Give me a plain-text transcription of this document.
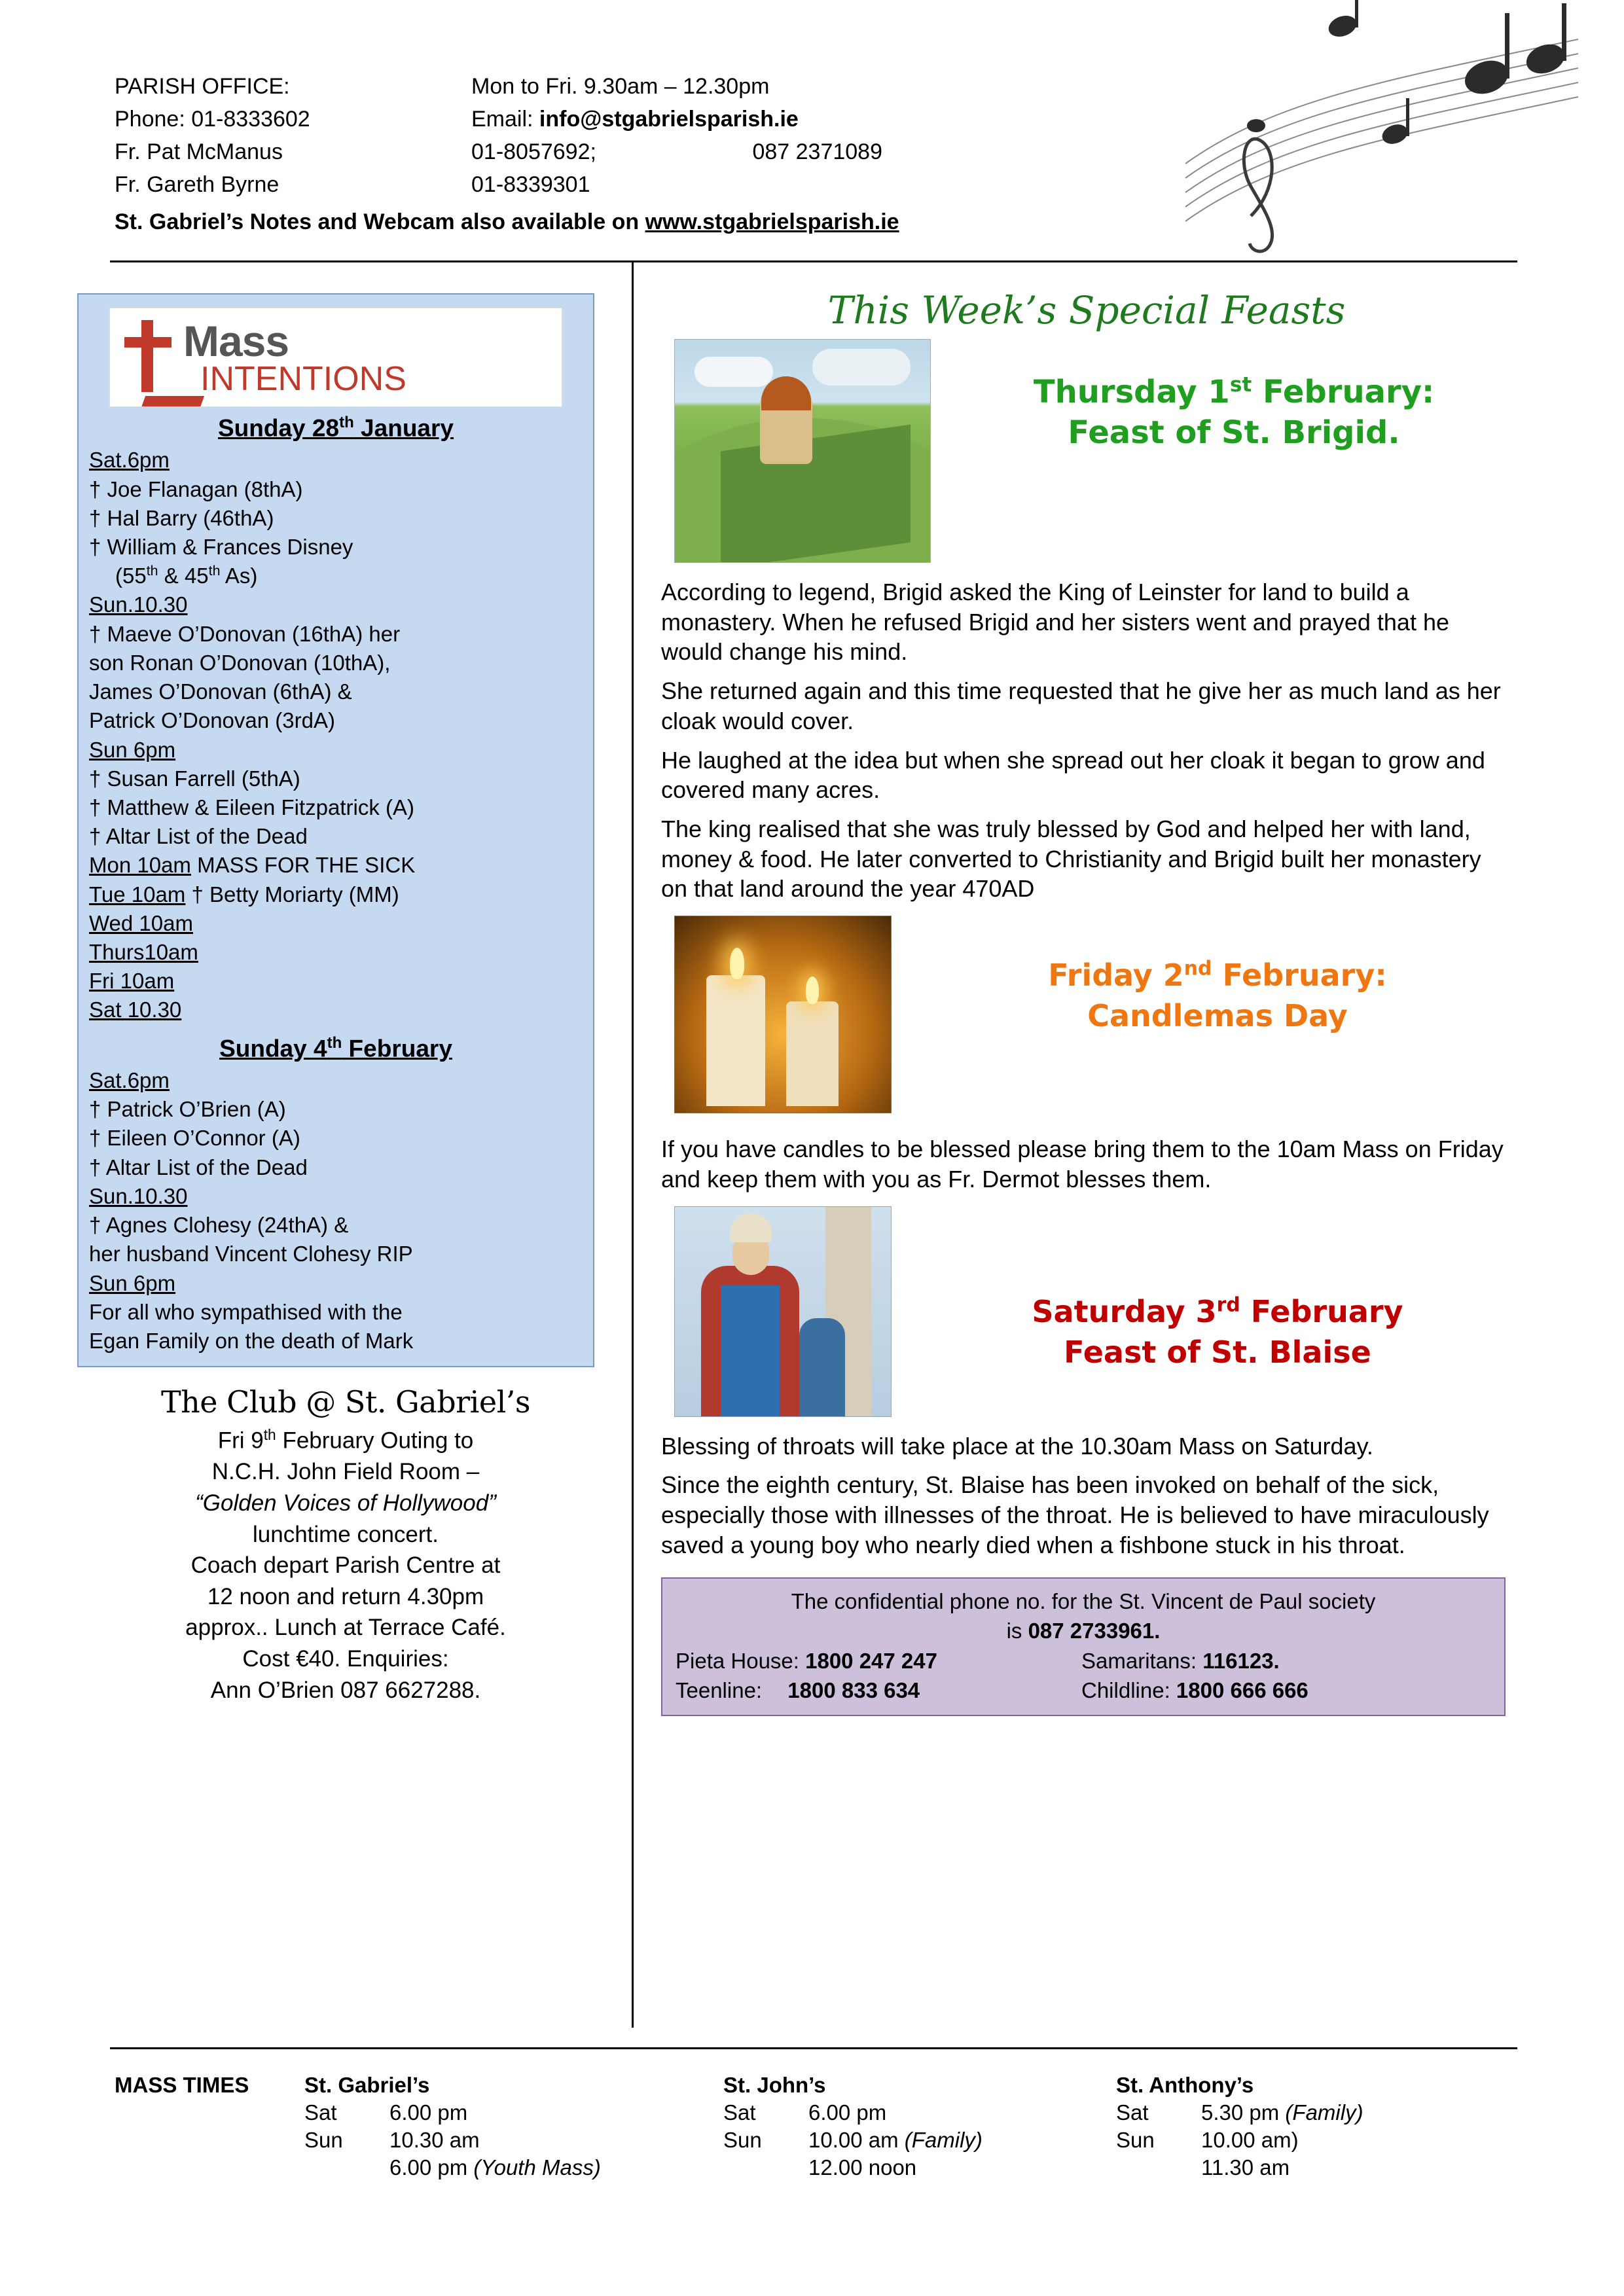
PARISH OFFICE:	Mon to Fri. 9.30am – 12.30pm
Phone: 01-8333602	Email: info@stgabrielsparish.ie
Fr. Pat McManus	01-8057692; 087 2371089
Fr. Gareth Byrne	01-8339301
St. Gabriel’s Notes and Webcam also available on www.stgabrielsparish.ie
Mass
INTENTIONS
Sunday 28th January
Sat.6pm
† Joe Flanagan (8thA)
† Hal Barry (46thA)
† William & Frances Disney
(55th & 45th As)
Sun.10.30
† Maeve O’Donovan (16thA) her
son Ronan O’Donovan (10thA),
James O’Donovan (6thA) &
Patrick O’Donovan (3rdA)
Sun 6pm
† Susan Farrell (5thA)
† Matthew & Eileen Fitzpatrick (A)
† Altar List of the Dead
Mon 10am MASS FOR THE SICK
Tue 10am † Betty Moriarty (MM)
Wed 10am
Thurs10am
Fri 10am
Sat 10.30
Sunday 4th February
Sat.6pm
† Patrick O’Brien (A)
† Eileen O’Connor (A)
† Altar List of the Dead
Sun.10.30
† Agnes Clohesy (24thA) &
her husband Vincent Clohesy RIP
Sun 6pm
For all who sympathised with the
Egan Family on the death of Mark
The Club @ St. Gabriel’s
Fri 9th February Outing to
N.C.H. John Field Room –
“Golden Voices of Hollywood”
lunchtime concert.
Coach depart Parish Centre at
12 noon and return 4.30pm
approx.. Lunch at Terrace Café.
Cost €40. Enquiries:
Ann O’Brien 087 6627288.
This Week’s Special Feasts
Thursday 1st February:
Feast of St. Brigid.
According to legend, Brigid asked the King of Leinster for land to build a monastery. When he refused Brigid and her sisters went and prayed that he would change his mind.
She returned again and this time requested that he give her as much land as her cloak would cover.
He laughed at the idea but when she spread out her cloak it began to grow and covered many acres.
The king realised that she was truly blessed by God and helped her with land, money & food. He later converted to Christianity and Brigid built her monastery on that land around the year 470AD
Friday 2nd February:
Candlemas Day
If you have candles to be blessed please bring them to the 10am Mass on Friday and keep them with you as Fr. Dermot blesses them.
Saturday 3rd February
Feast of St. Blaise
Blessing of throats will take place at the 10.30am Mass on Saturday.
Since the eighth century, St. Blaise has been invoked on behalf of the sick, especially those with illnesses of the throat. He is believed to have miraculously saved a young boy who nearly died when a fishbone stuck in his throat.
The confidential phone no. for the St. Vincent de Paul society
is 087 2733961.
Pieta House: 1800 247 247	Samaritans: 116123.
Teenline: 1800 833 634	Childline: 1800 666 666
MASS TIMES	St. Gabriel’s	St. John’s	St. Anthony’s
	Sat 6.00 pm	Sat 6.00 pm	Sat 5.30 pm (Family)
	Sun 10.30 am	Sun 10.00 am (Family)	Sun 10.00 am)
	6.00 pm (Youth Mass)	12.00 noon	11.30 am
